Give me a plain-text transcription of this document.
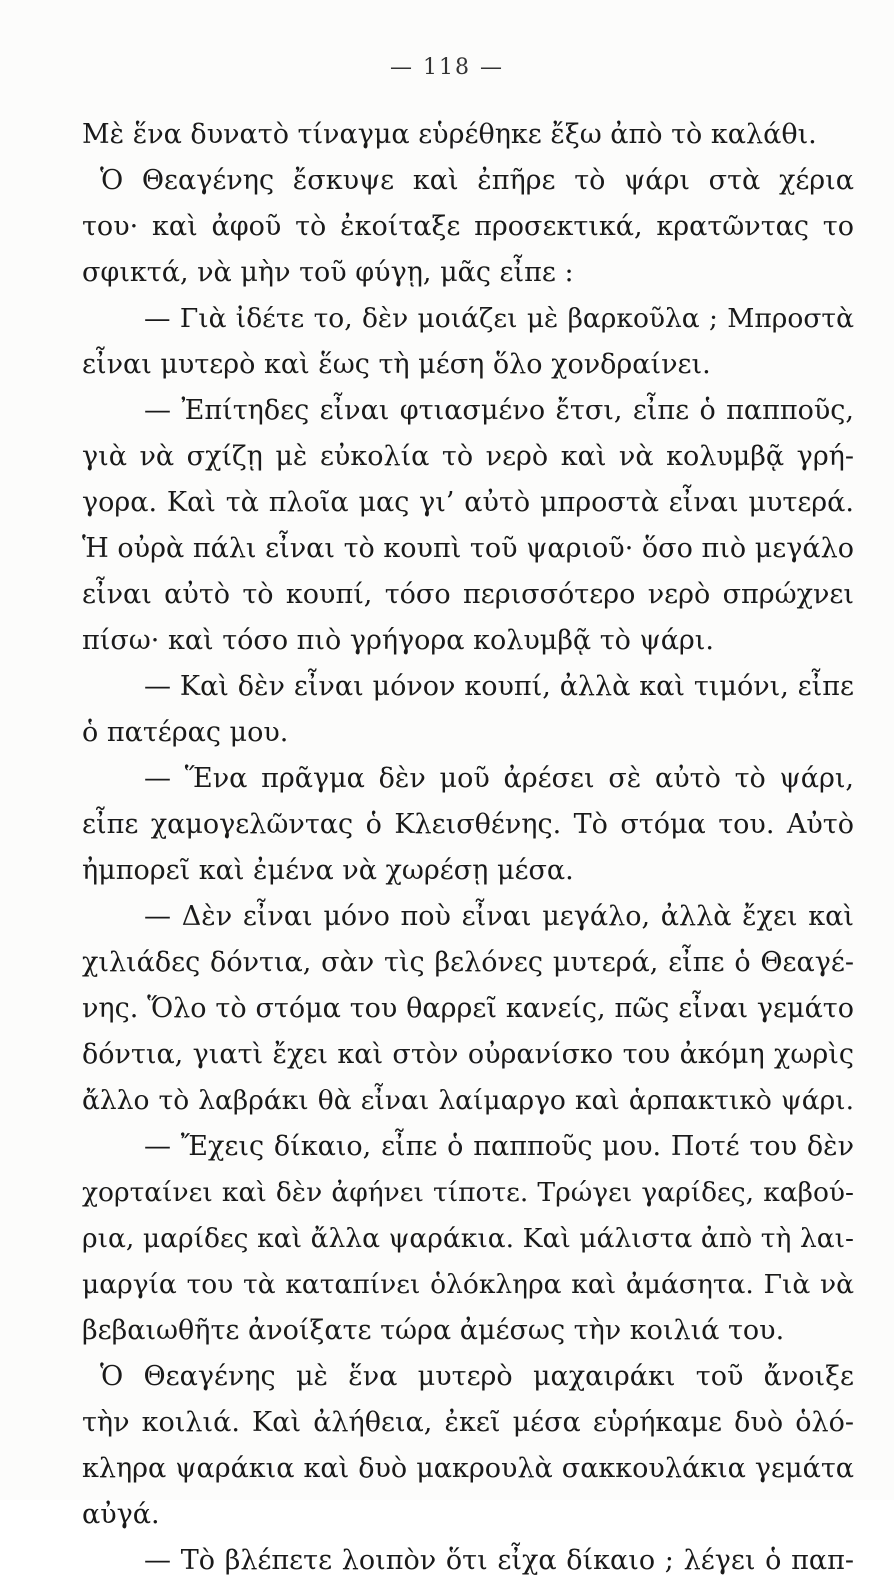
— 118 —
Μὲ ἕνα δυνατὸ τίναγμα εὑρέθηκε ἔξω ἀπὸ τὸ καλάθι.
Ὁ Θεαγένης ἔσκυψε καὶ ἐπῆρε τὸ ψάρι στὰ χέρια
του· καὶ ἀφοῦ τὸ ἐκοίταξε προσεκτικά, κρατῶντας το
σφικτά, νὰ μὴν τοῦ φύγῃ, μᾶς εἶπε :
— Γιὰ ἰδέτε το, δὲν μοιάζει μὲ βαρκοῦλα ; Μπροστὰ
εἶναι μυτερὸ καὶ ἕως τὴ μέση ὅλο χονδραίνει.
— Ἐπίτηδες εἶναι φτιασμένο ἔτσι, εἶπε ὁ παπποῦς,
γιὰ νὰ σχίζῃ μὲ εὐκολία τὸ νερὸ καὶ νὰ κολυμβᾷ γρή-
γορα. Καὶ τὰ πλοῖα μας γι’ αὐτὸ μπροστὰ εἶναι μυτερά.
Ἡ οὐρὰ πάλι εἶναι τὸ κουπὶ τοῦ ψαριοῦ· ὅσο πιὸ μεγάλο
εἶναι αὐτὸ τὸ κουπί, τόσο περισσότερο νερὸ σπρώχνει
πίσω· καὶ τόσο πιὸ γρήγορα κολυμβᾷ τὸ ψάρι.
— Καὶ δὲν εἶναι μόνον κουπί, ἀλλὰ καὶ τιμόνι, εἶπε
ὁ πατέρας μου.
— Ἕνα πρᾶγμα δὲν μοῦ ἀρέσει σὲ αὐτὸ τὸ ψάρι,
εἶπε χαμογελῶντας ὁ Κλεισθένης. Τὸ στόμα του. Αὐτὸ
ἠμπορεῖ καὶ ἐμένα νὰ χωρέσῃ μέσα.
— Δὲν εἶναι μόνο ποὺ εἶναι μεγάλο, ἀλλὰ ἔχει καὶ
χιλιάδες δόντια, σὰν τὶς βελόνες μυτερά, εἶπε ὁ Θεαγέ-
νης. Ὅλο τὸ στόμα του θαρρεῖ κανείς, πῶς εἶναι γεμάτο
δόντια, γιατὶ ἔχει καὶ στὸν οὐρανίσκο του ἀκόμη χωρὶς
ἄλλο τὸ λαβράκι θὰ εἶναι λαίμαργο καὶ ἁρπακτικὸ ψάρι.
— Ἔχεις δίκαιο, εἶπε ὁ παπποῦς μου. Ποτέ του δὲν
χορταίνει καὶ δὲν ἀφήνει τίποτε. Τρώγει γαρίδες, καβού-
ρια, μαρίδες καὶ ἄλλα ψαράκια. Καὶ μάλιστα ἀπὸ τὴ λαι-
μαργία του τὰ καταπίνει ὁλόκληρα καὶ ἀμάσητα. Γιὰ νὰ
βεβαιωθῆτε ἀνοίξατε τώρα ἀμέσως τὴν κοιλιά του.
Ὁ Θεαγένης μὲ ἕνα μυτερὸ μαχαιράκι τοῦ ἄνοιξε
τὴν κοιλιά. Καὶ ἀλήθεια, ἐκεῖ μέσα εὑρήκαμε δυὸ ὁλό-
κληρα ψαράκια καὶ δυὸ μακρουλὰ σακκουλάκια γεμάτα
αὐγά.
— Τὸ βλέπετε λοιπὸν ὅτι εἶχα δίκαιο ; λέγει ὁ παπ-
